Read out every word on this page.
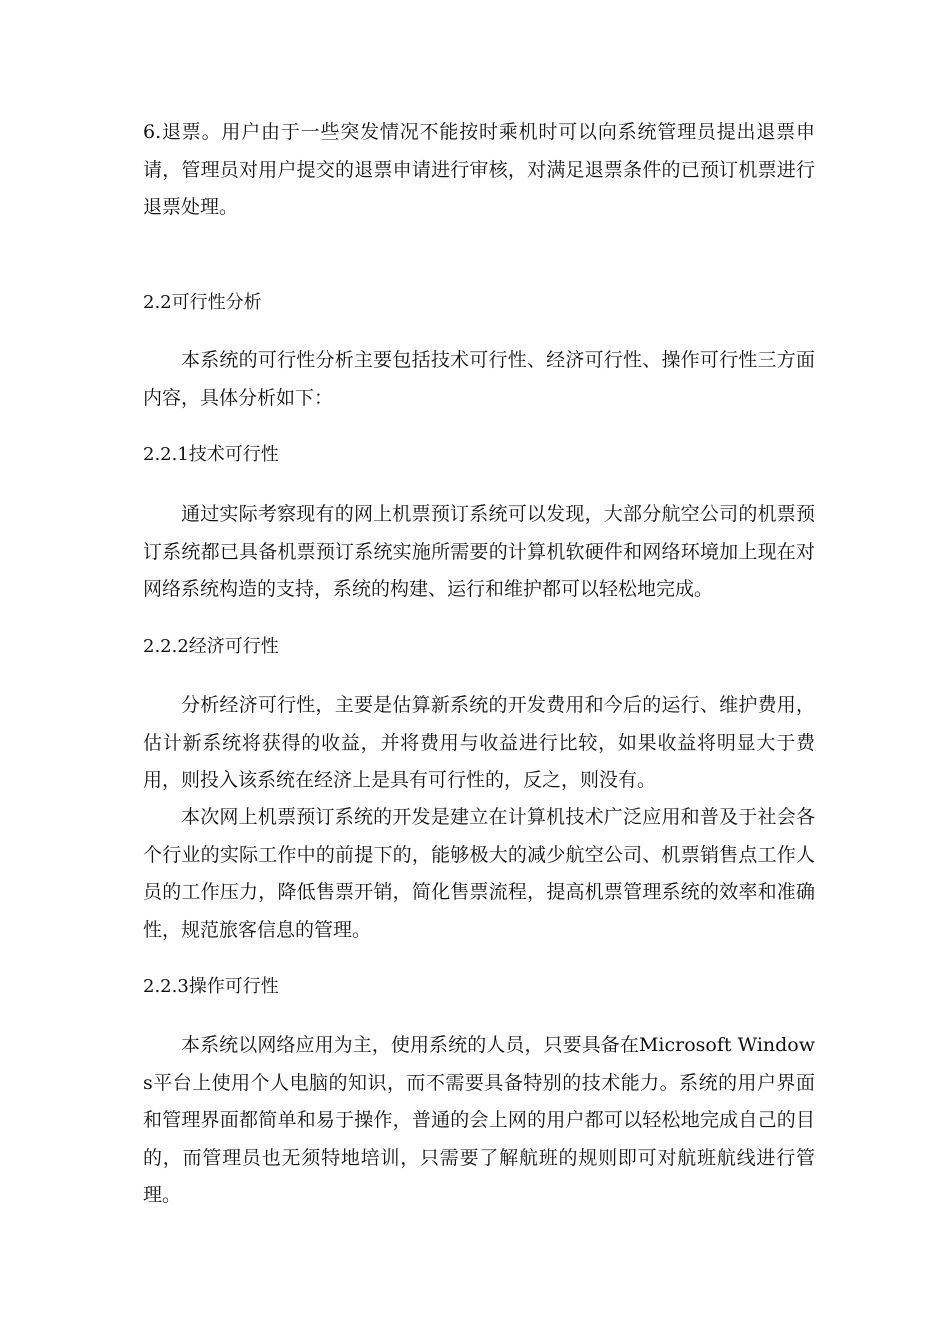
6.退票。用户由于一些突发情况不能按时乘机时可以向系统管理员提出退票申请，管理员对用户提交的退票申请进行审核，对满足退票条件的已预订机票进行退票处理。

2.2可行性分析

本系统的可行性分析主要包括技术可行性、经济可行性、操作可行性三方面内容，具体分析如下：

2.2.1技术可行性

通过实际考察现有的网上机票预订系统可以发现，大部分航空公司的机票预订系统都已具备机票预订系统实施所需要的计算机软硬件和网络环境加上现在对网络系统构造的支持，系统的构建、运行和维护都可以轻松地完成。

2.2.2经济可行性

分析经济可行性，主要是估算新系统的开发费用和今后的运行、维护费用，估计新系统将获得的收益，并将费用与收益进行比较，如果收益将明显大于费用，则投入该系统在经济上是具有可行性的，反之，则没有。

本次网上机票预订系统的开发是建立在计算机技术广泛应用和普及于社会各个行业的实际工作中的前提下的，能够极大的减少航空公司、机票销售点工作人员的工作压力，降低售票开销，简化售票流程，提高机票管理系统的效率和准确性，规范旅客信息的管理。

2.2.3操作可行性

本系统以网络应用为主，使用系统的人员，只要具备在Microsoft Windows平台上使用个人电脑的知识，而不需要具备特别的技术能力。系统的用户界面和管理界面都简单和易于操作，普通的会上网的用户都可以轻松地完成自己的目的，而管理员也无须特地培训，只需要了解航班的规则即可对航班航线进行管理。
